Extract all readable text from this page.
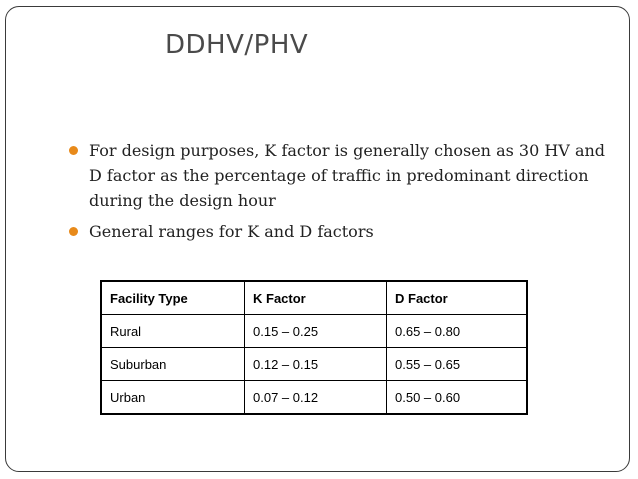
DDHV/PHV
For design purposes, K factor is generally chosen as 30 HV and D factor as the percentage of traffic in predominant direction during the design hour
General ranges for K and D factors
Facility Type	K Factor	D Factor
Rural	0.15 – 0.25	0.65 – 0.80
Suburban	0.12 – 0.15	0.55 – 0.65
Urban	0.07 – 0.12	0.50 – 0.60
